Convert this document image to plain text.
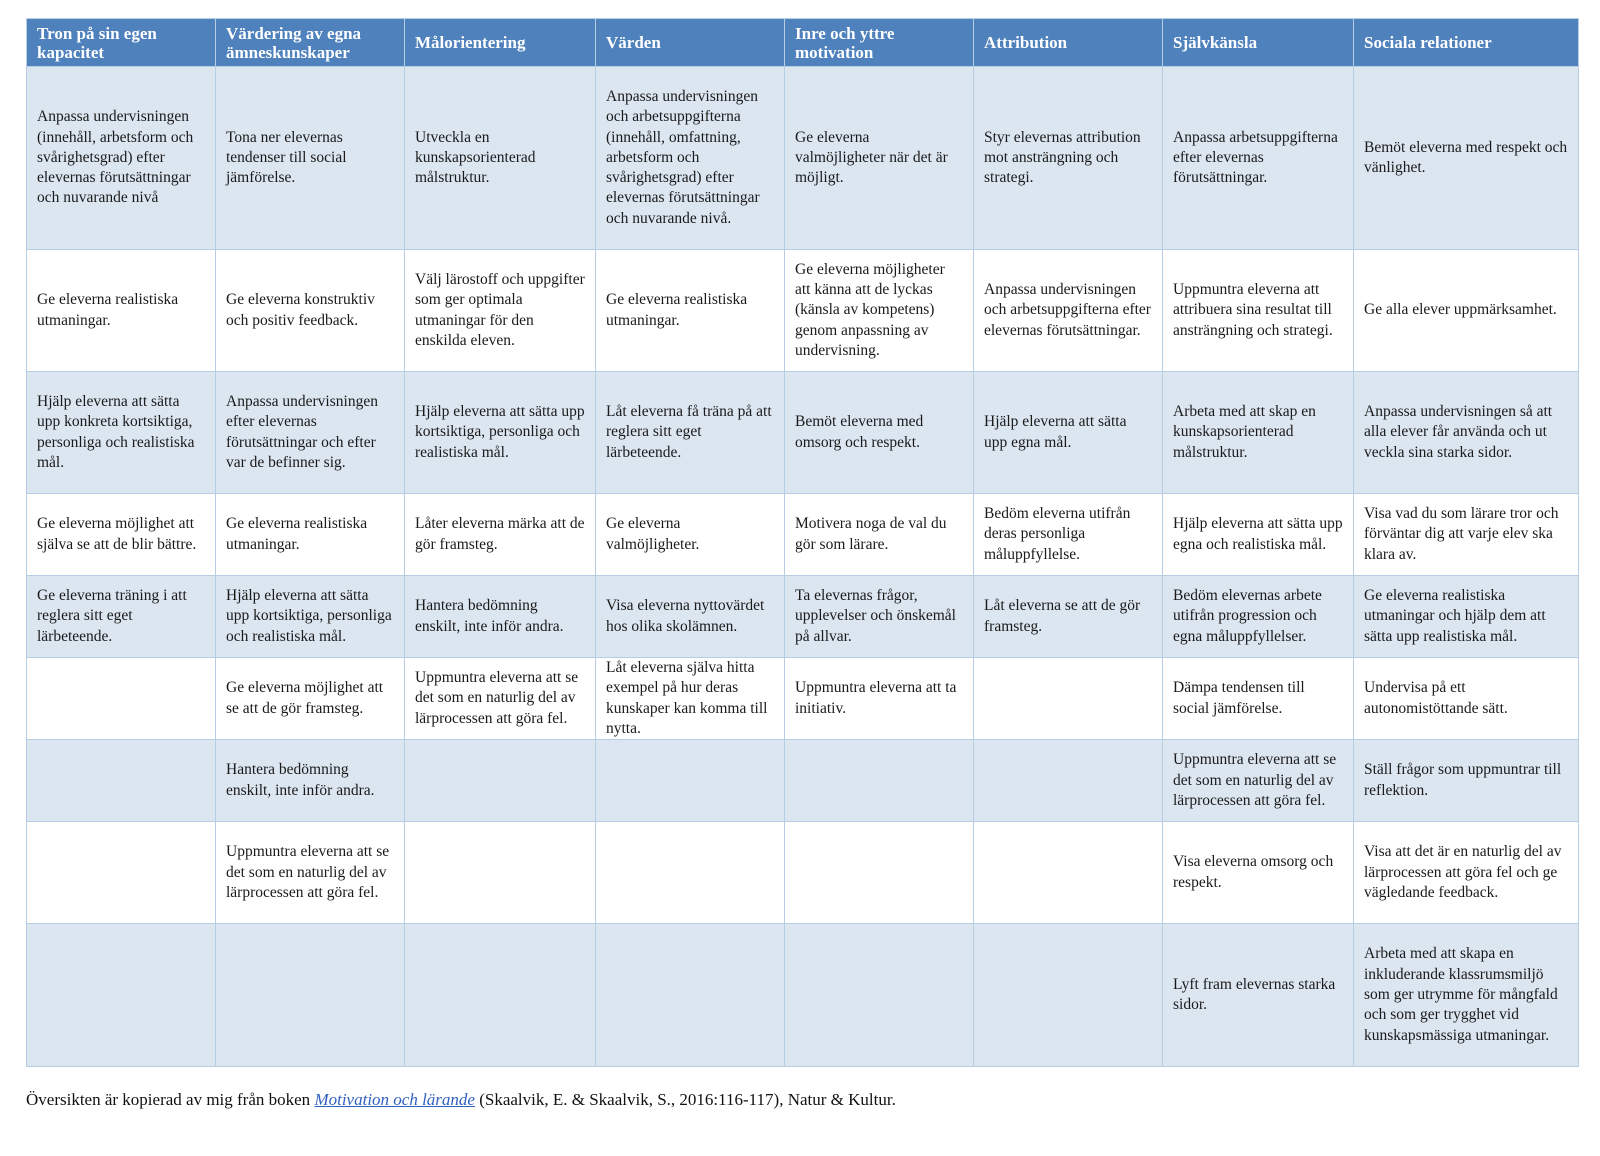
Tron på sin egen kapacitet	Värdering av egna ämneskunskaper	Målorientering	Värden	Inre och yttre motivation	Attribution	Självkänsla	Sociala relationer
Anpassa undervisningen (innehåll, arbetsform och svårighetsgrad) efter elevernas förutsättningar och nuvarande nivå	Tona ner elevernas tendenser till social jämförelse.	Utveckla en kunskapsorienterad målstruktur.	Anpassa undervisningen och arbetsuppgifterna (innehåll, omfattning, arbetsform och svårighetsgrad) efter elevernas förutsättningar och nuvarande nivå.	Ge eleverna valmöjligheter när det är möjligt.	Styr elevernas attribution mot ansträngning och strategi.	Anpassa arbetsuppgifterna efter elevernas förutsättningar.	Bemöt eleverna med respekt och vänlighet.
Ge eleverna realistiska utmaningar.	Ge eleverna konstruktiv och positiv feedback.	Välj lärostoff och uppgifter som ger optimala utmaningar för den enskilda eleven.	Ge eleverna realistiska utmaningar.	Ge eleverna möjligheter att känna att de lyckas (känsla av kompetens) genom anpassning av undervisning.	Anpassa undervisningen och arbetsuppgifterna efter elevernas förutsättningar.	Uppmuntra eleverna att attribuera sina resultat till ansträngning och strategi.	Ge alla elever uppmärksamhet.
Hjälp eleverna att sätta upp konkreta kortsiktiga, personliga och realistiska mål.	Anpassa undervisningen efter elevernas förutsättningar och efter var de befinner sig.	Hjälp eleverna att sätta upp kortsiktiga, personliga och realistiska mål.	Låt eleverna få träna på att reglera sitt eget lärbeteende.	Bemöt eleverna med omsorg och respekt.	Hjälp eleverna att sätta upp egna mål.	Arbeta med att skap en kunskapsorienterad målstruktur.	Anpassa undervisningen så att alla elever får använda och ut veckla sina starka sidor.
Ge eleverna möjlighet att själva se att de blir bättre.	Ge eleverna realistiska utmaningar.	Låter eleverna märka att de gör framsteg.	Ge eleverna valmöjligheter.	Motivera noga de val du gör som lärare.	Bedöm eleverna utifrån deras personliga måluppfyllelse.	Hjälp eleverna att sätta upp egna och realistiska mål.	Visa vad du som lärare tror och förväntar dig att varje elev ska klara av.
Ge eleverna träning i att reglera sitt eget lärbeteende.	Hjälp eleverna att sätta upp kortsiktiga, personliga och realistiska mål.	Hantera bedömning enskilt, inte inför andra.	Visa eleverna nyttovärdet hos olika skolämnen.	Ta elevernas frågor, upplevelser och önskemål på allvar.	Låt eleverna se att de gör framsteg.	Bedöm elevernas arbete utifrån progression och egna måluppfyllelser.	Ge eleverna realistiska utmaningar och hjälp dem att sätta upp realistiska mål.
	Ge eleverna möjlighet att se att de gör framsteg.	Uppmuntra eleverna att se det som en naturlig del av lärprocessen att göra fel.	Låt eleverna själva hitta exempel på hur deras kunskaper kan komma till nytta.	Uppmuntra eleverna att ta initiativ.		Dämpa tendensen till social jämförelse.	Undervisa på ett autonomistöttande sätt.
	Hantera bedömning enskilt, inte inför andra.					Uppmuntra eleverna att se det som en naturlig del av lärprocessen att göra fel.	Ställ frågor som uppmuntrar till reflektion.
	Uppmuntra eleverna att se det som en naturlig del av lärprocessen att göra fel.					Visa eleverna omsorg och respekt.	Visa att det är en naturlig del av lärprocessen att göra fel och ge vägledande feedback.
						Lyft fram elevernas starka sidor.	Arbeta med att skapa en inkluderande klassrumsmiljö som ger utrymme för mångfald och som ger trygghet vid kunskapsmässiga utmaningar.
Översikten är kopierad av mig från boken Motivation och lärande (Skaalvik, E. & Skaalvik, S., 2016:116-117), Natur & Kultur.
